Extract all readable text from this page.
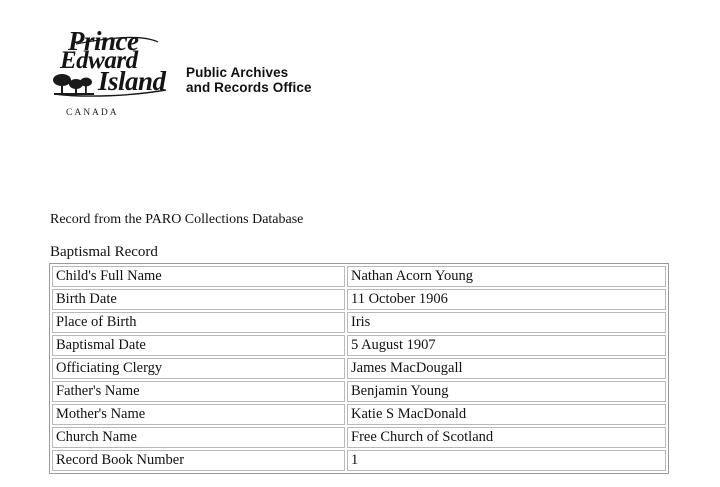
Prince
Edward
Island
CANADA
Public Archives
and Records Office
Record from the PARO Collections Database
Baptismal Record
Child's Full Name	Nathan Acorn Young
Birth Date	11 October 1906
Place of Birth	Iris
Baptismal Date	5 August 1907
Officiating Clergy	James MacDougall
Father's Name	Benjamin Young
Mother's Name	Katie S MacDonald
Church Name	Free Church of Scotland
Record Book Number	1
